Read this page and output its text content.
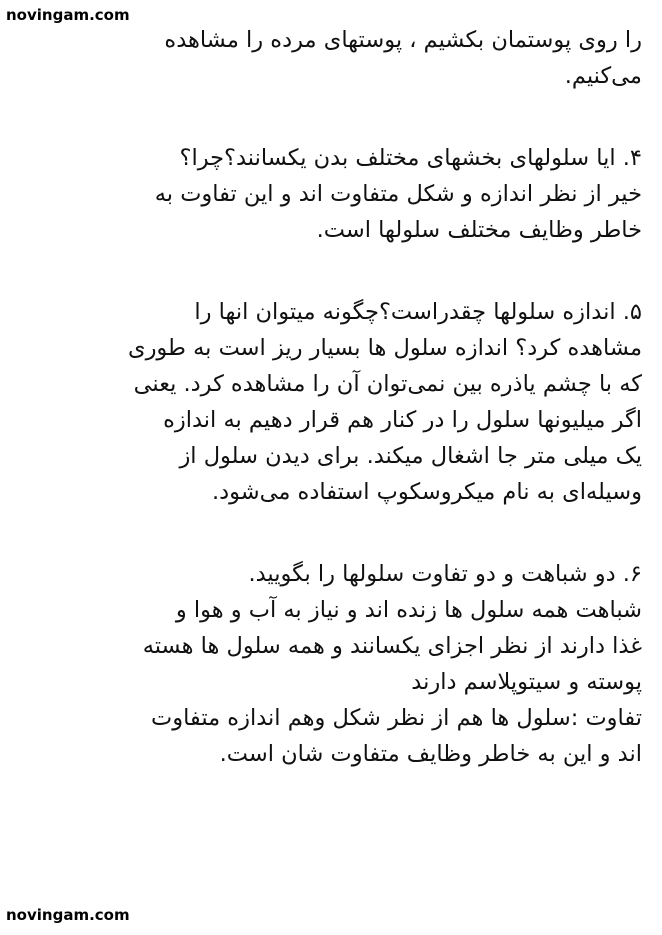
novingam.com
را روی پوستمان بکشیم ، پوستهای مرده را مشاهده
می‌کنیم.
۴. ایا سلولهای بخشهای مختلف بدن یکسانند؟چرا؟
خیر از نظر اندازه و شکل متفاوت اند و این تفاوت به
خاطر وظایف مختلف سلولها است.
۵. اندازه سلولها چقدراست؟چگونه میتوان انها را
مشاهده کرد؟ اندازه سلول ها بسیار ریز است به طوری
که با چشم یاذره بین نمی‌توان آن را مشاهده کرد. یعنی
اگر میلیونها سلول را در کنار هم قرار دهیم به اندازه
یک میلی متر جا اشغال میکند. برای دیدن سلول از
وسیله‌ای به نام میکروسکوپ استفاده می‌شود.
۶. دو شباهت و دو تفاوت سلولها را بگویید.
شباهت همه سلول ها زنده اند و نیاز به آب و هوا و
غذا دارند از نظر اجزای یکسانند و همه سلول ها هسته
پوسته و سیتوپلاسم دارند
تفاوت :سلول ها هم از نظر شکل وهم اندازه متفاوت
اند و این به خاطر وظایف متفاوت شان است.
novingam.com
